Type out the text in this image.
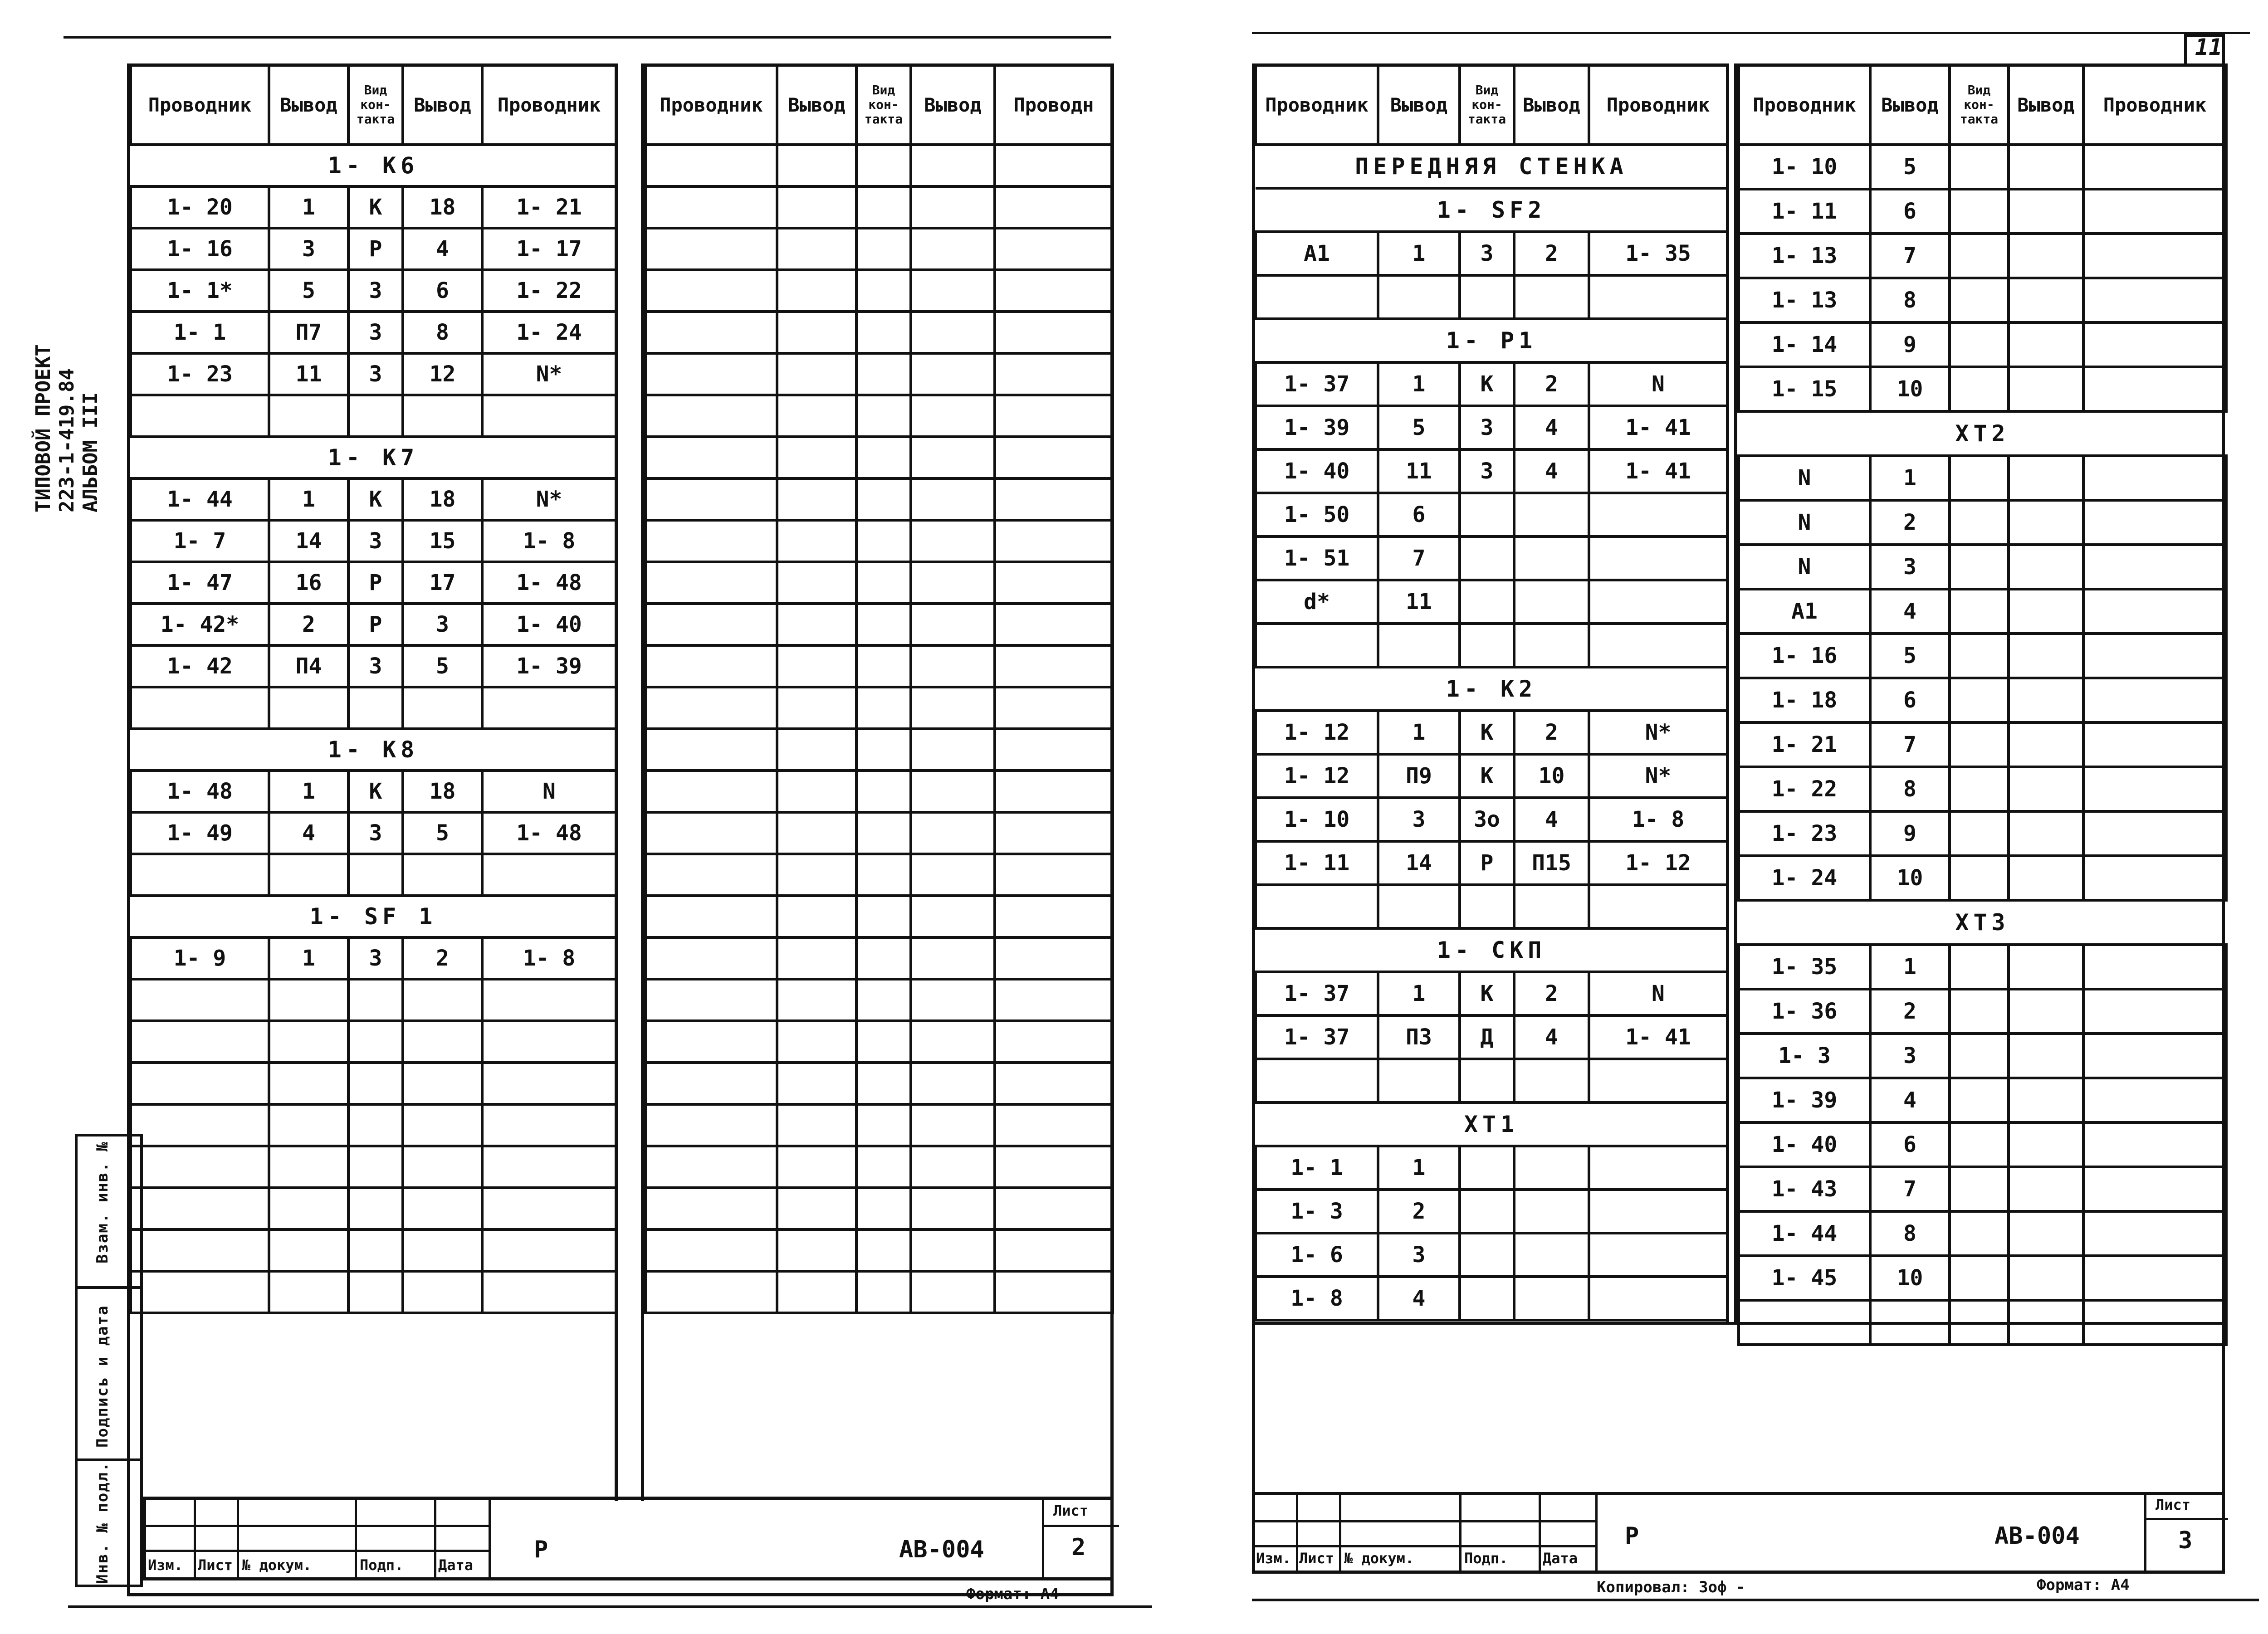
ТИПОВОЙ ПРОЕКТ 223-1-419.84 АЛЬБОМ III
Взам. инв. №
Подпись и дата
Инв. № подл.
Проводник	Вывод	Вид кон-такта	Вывод	Проводник
1- K6				
1- 20	1	K	18	1- 21
1- 16	3	P	4	1- 17
1- 1*	5	З	6	1- 22
1- 1	П7	З	8	1- 24
1- 23	11	З	12	N*

1- K7				
1- 44	1	K	18	N*
1- 7	14	З	15	1- 8
1- 47	16	P	17	1- 48
1- 42*	2	P	3	1- 40
1- 42	П4	З	5	1- 39

1- K8				
1- 48	1	K	18	N
1- 49	4	З	5	1- 48

1- SF 1				
1- 9	1	З	2	1- 8

Проводник	Вывод	Вид кон-такта	Вывод	Проводн

Изм. Лист № докум.	Подп. Дата
Р	АВ-004
Лист
2
Формат: А4
11
Проводник	Вывод	Вид кон-такта	Вывод	Проводник
ПЕРЕДНЯЯ СТЕНКА				
1- SF2				
A1	1	З	2	1- 35

1- P1				
1- 37	1	K	2	N
1- 39	5	З	4	1- 41
1- 40	11	З	4	1- 41
1- 50	6			
1- 51	7			
d*	11			

1- K2				
1- 12	1	K	2	N*
1- 12	П9	K	10	N*
1- 10	3	Зо	4	1- 8
1- 11	14	P	П15	1- 12

1- СКП				
1- 37	1	K	2	N
1- 37	П3	Д	4	1- 41

XT1				
1- 1	1			
1- 3	2			
1- 6	3			
1- 8	4			
Проводник	Вывод	Вид кон-такта	Вывод	Проводник
1- 10	5			
1- 11	6			
1- 13	7			
1- 13	8			
1- 14	9			
1- 15	10			
XT2				
N	1			
N	2			
N	3			
A1	4			
1- 16	5			
1- 18	6			
1- 21	7			
1- 22	8			
1- 23	9			
1- 24	10			
XT3				
1- 35	1			
1- 36	2			
1- 3	3			
1- 39	4			
1- 40	6			
1- 43	7			
1- 44	8			
1- 45	10			

Изм. Лист № докум.	Подп. Дата
Р	АВ-004
Лист
3
Копировал: Зоф -	Формат: А4
